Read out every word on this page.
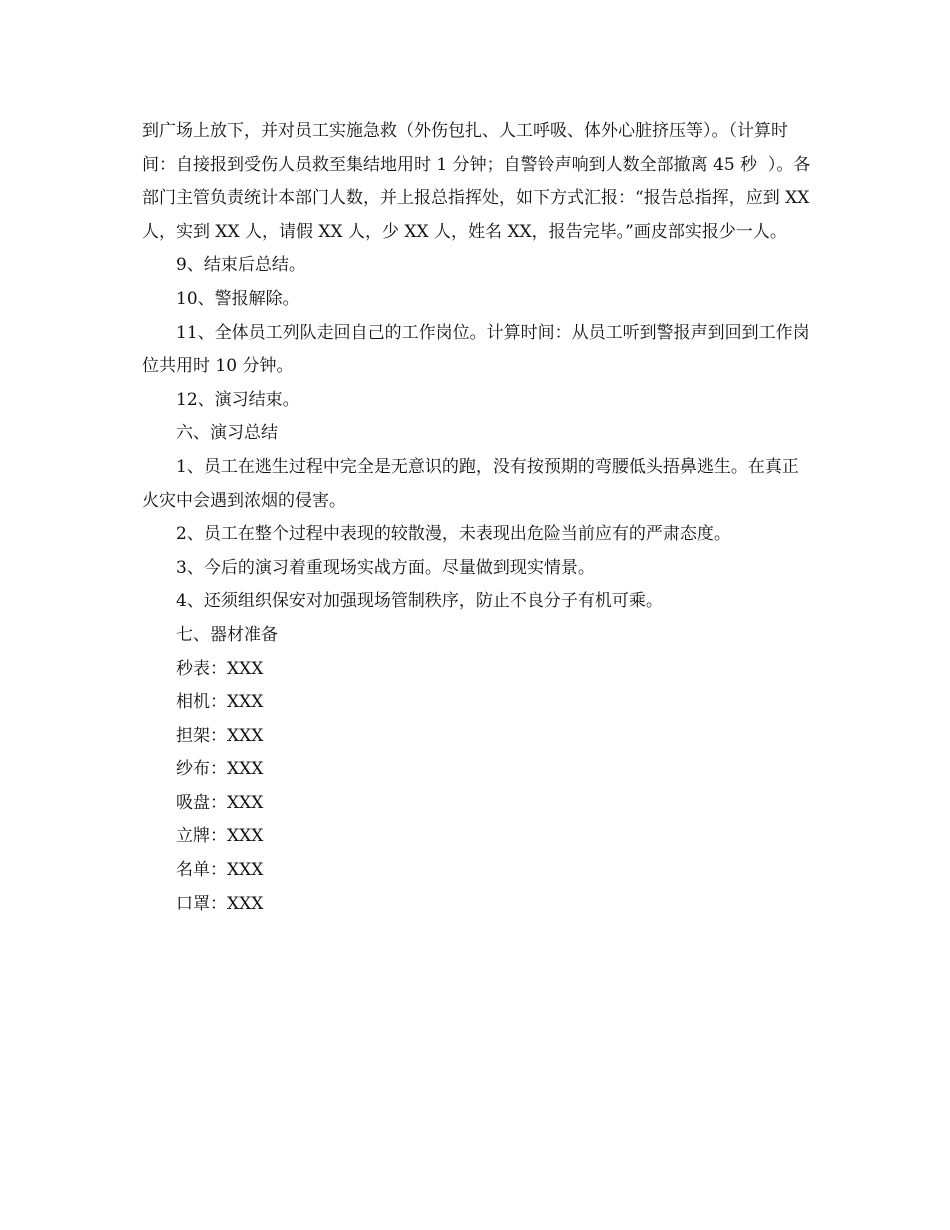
到广场上放下，并对员工实施急救（外伤包扎、人工呼吸、体外心脏挤压等）。（计算时间：自接报到受伤人员救至集结地用时 1 分钟；自警铃声响到人数全部撤离 45 秒  ）。各部门主管负责统计本部门人数，并上报总指挥处，如下方式汇报：“报告总指挥，应到 XX 人，实到 XX 人，请假 XX 人，少 XX 人，姓名 XX，报告完毕。”画皮部实报少一人。

9、结束后总结。

10、警报解除。

11、全体员工列队走回自己的工作岗位。计算时间：从员工听到警报声到回到工作岗位共用时 10 分钟。

12、演习结束。

六、演习总结

1、员工在逃生过程中完全是无意识的跑，没有按预期的弯腰低头捂鼻逃生。在真正火灾中会遇到浓烟的侵害。

2、员工在整个过程中表现的较散漫，未表现出危险当前应有的严肃态度。

3、今后的演习着重现场实战方面。尽量做到现实情景。

4、还须组织保安对加强现场管制秩序，防止不良分子有机可乘。

七、器材准备

秒表：XXX

相机：XXX

担架：XXX

纱布：XXX

吸盘：XXX

立牌：XXX

名单：XXX

口罩：XXX
